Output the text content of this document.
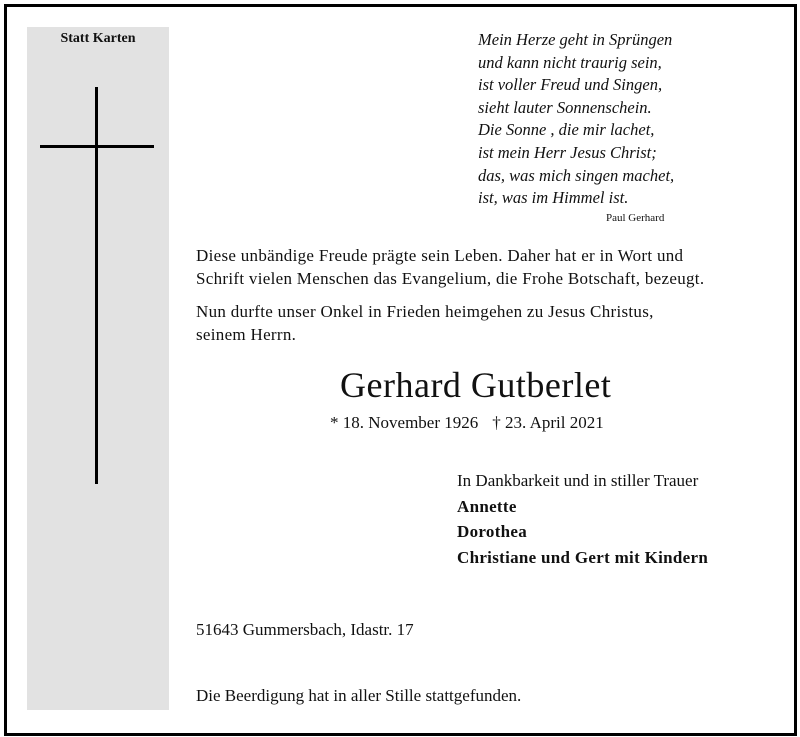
Statt Karten	Mein Herze geht in Sprüngen
und kann nicht traurig sein,
ist voller Freud und Singen,
sieht lauter Sonnenschein.
Die Sonne , die mir lachet,
ist mein Herr Jesus Christ;
das, was mich singen machet,
ist, was im Himmel ist.
Paul Gerhard
Diese unbändige Freude prägte sein Leben. Daher hat er in Wort und
Schrift vielen Menschen das Evangelium, die Frohe Botschaft, bezeugt.
Nun durfte unser Onkel in Frieden heimgehen zu Jesus Christus,
seinem Herrn.
Gerhard Gutberlet
* 18. November 1926 † 23. April 2021
In Dankbarkeit und in stiller Trauer
Annette
Dorothea
Christiane und Gert mit Kindern
51643 Gummersbach, Idastr. 17
Die Beerdigung hat in aller Stille stattgefunden.
